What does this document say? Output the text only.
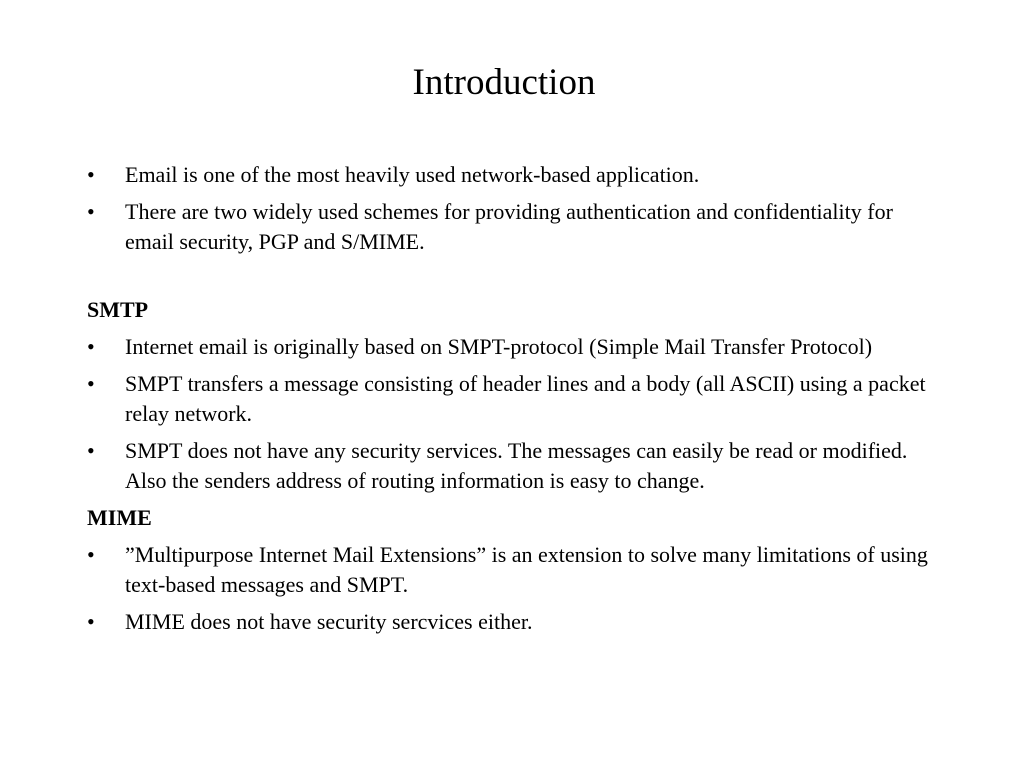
Introduction
•	Email is one of the most heavily used network-based application.
•	There are two widely used schemes for providing authentication and confidentiality for email security, PGP and S/MIME.
SMTP
•	Internet email is originally based on SMPT-protocol (Simple Mail Transfer Protocol)
•	SMPT transfers a message consisting of header lines and a body (all ASCII) using a packet relay network.
•	SMPT does not have any security services. The messages can easily be read or modified. Also the senders address of routing information is easy to change.
MIME
•	”Multipurpose Internet Mail Extensions” is an extension to solve many limitations of using text-based messages and SMPT.
•	MIME does not have security sercvices either.
